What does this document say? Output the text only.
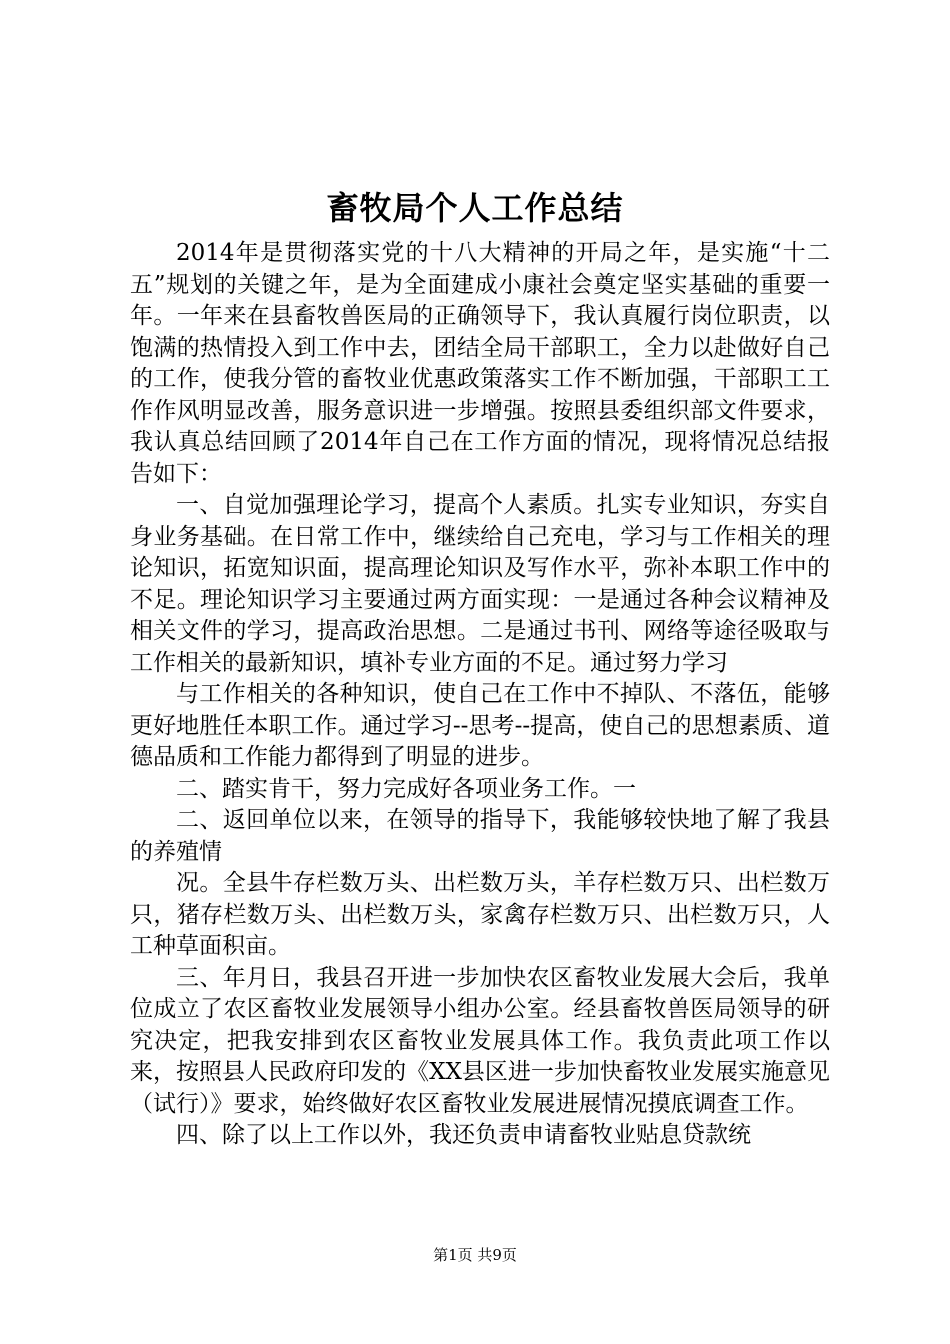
畜牧局个人工作总结

2014年是贯彻落实党的十八大精神的开局之年，是实施“十二五”规划的关键之年，是为全面建成小康社会奠定坚实基础的重要一年。一年来在县畜牧兽医局的正确领导下，我认真履行岗位职责，以饱满的热情投入到工作中去，团结全局干部职工，全力以赴做好自己的工作，使我分管的畜牧业优惠政策落实工作不断加强，干部职工工作作风明显改善，服务意识进一步增强。按照县委组织部文件要求，我认真总结回顾了2014年自己在工作方面的情况，现将情况总结报告如下：

一、自觉加强理论学习，提高个人素质。扎实专业知识，夯实自身业务基础。在日常工作中，继续给自己充电，学习与工作相关的理论知识，拓宽知识面，提高理论知识及写作水平，弥补本职工作中的不足。理论知识学习主要通过两方面实现：一是通过各种会议精神及相关文件的学习，提高政治思想。二是通过书刊、网络等途径吸取与工作相关的最新知识，填补专业方面的不足。通过努力学习

与工作相关的各种知识，使自己在工作中不掉队、不落伍，能够更好地胜任本职工作。通过学习--思考--提高，使自己的思想素质、道德品质和工作能力都得到了明显的进步。

二、踏实肯干，努力完成好各项业务工作。一

二、返回单位以来，在领导的指导下，我能够较快地了解了我县的养殖情

况。全县牛存栏数万头、出栏数万头，羊存栏数万只、出栏数万只，猪存栏数万头、出栏数万头，家禽存栏数万只、出栏数万只，人工种草面积亩。

三、年月日，我县召开进一步加快农区畜牧业发展大会后，我单位成立了农区畜牧业发展领导小组办公室。经县畜牧兽医局领导的研究决定，把我安排到农区畜牧业发展具体工作。我负责此项工作以来，按照县人民政府印发的《XX县区进一步加快畜牧业发展实施意见（试行）》要求，始终做好农区畜牧业发展进展情况摸底调查工作。

四、除了以上工作以外，我还负责申请畜牧业贴息贷款统

第1页 共9页
